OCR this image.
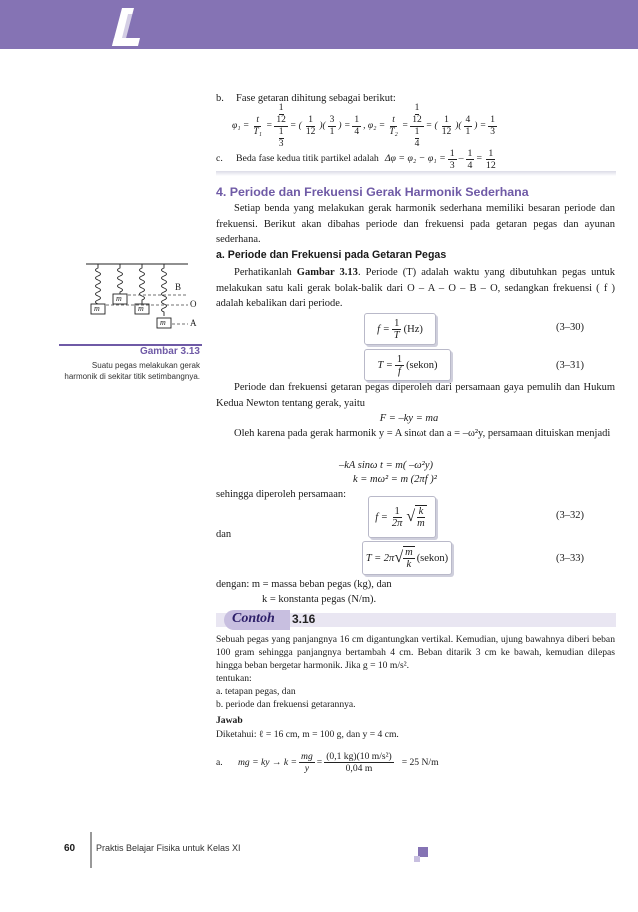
b. Fase getaran dihitung sebagai berikut:
$\varphi_1 = \frac{t}{\text{T₁}} = 1$
12
1
3 = ( $\frac{1}{12}$ )( $\frac{3}{1}$ ) = $\frac{1}{4}$ , $\varphi_2 = \frac{t}{\text{T₂}} = 1$
12
1
4 = ( $\frac{1}{12}$ )( $\frac{4}{1}$ ) = $\frac{1}{3}$
c.	Beda fase kedua titik partikel adalah $\Delta\varphi = \varphi_2 - \varphi_1 = \frac{1}{3} - \frac{1}{4} = \frac{1}{12}$
4. Periode dan Frekuensi Gerak Harmonik Sederhana
Setiap benda yang melakukan gerak harmonik sederhana memiliki besaran periode dan frekuensi. Berikut akan dibahas periode dan frekuensi pada getaran pegas dan ayunan sederhana.
a. Periode dan Frekuensi pada Getaran Pegas
Perhatikanlah Gambar 3.13. Periode (T) adalah waktu yang dibutuhkan pegas untuk melakukan satu kali gerak bolak-balik dari O – A – O – B – O, sedangkan frekuensi ( f ) adalah kebalikan dari periode.
$f = \frac{1}{T} (Hz)$	(3–30)
$T = \frac{1}{f}$ (sekon)	(3–31)
Periode dan frekuensi getaran pegas diperoleh dari persamaan gaya pemulih dan Hukum Kedua Newton tentang gerak, yaitu
F = –ky = ma
Oleh karena pada gerak harmonik y = A sinωt dan a = –ω²y, persamaan dituiskan menjadi
–kA sinω t = m( –ω²y)
k = mω² = m (2πf )²
sehingga diperoleh persamaan:
$f = \frac{1}{2\pi}$ √ $\frac{k}{m}$	(3–32)
dan
T = 2π √ $\frac{m}{k}$ (sekon)	(3–33)
dengan: m = massa beban pegas (kg), dan
k = konstanta pegas (N/m).
Contoh 3.16
Sebuah pegas yang panjangnya 16 cm digantungkan vertikal. Kemudian, ujung bawahnya diberi beban 100 gram sehingga panjangnya bertambah 4 cm. Beban ditarik 3 cm ke bawah, kemudian dilepas hingga beban bergetar harmonik. Jika g = 10 m/s².
tentukan:
a. tetapan pegas, dan
b. periode dan frekuensi getarannya.
Jawab
Diketahui: ℓ = 16 cm, m = 100 g, dan y = 4 cm.
a.	mg = ky → $k = \frac{mg}{y} = \frac{\text{(0,1 kg)(10 m/s²)}}{0,04 m} = 25$ N/m
B
O
A
m
m
m
m
Gambar 3.13
Suatu pegas melakukan gerak harmonik di sekitar titik setimbangnya.
60 Praktis Belajar Fisika untuk Kelas XI
